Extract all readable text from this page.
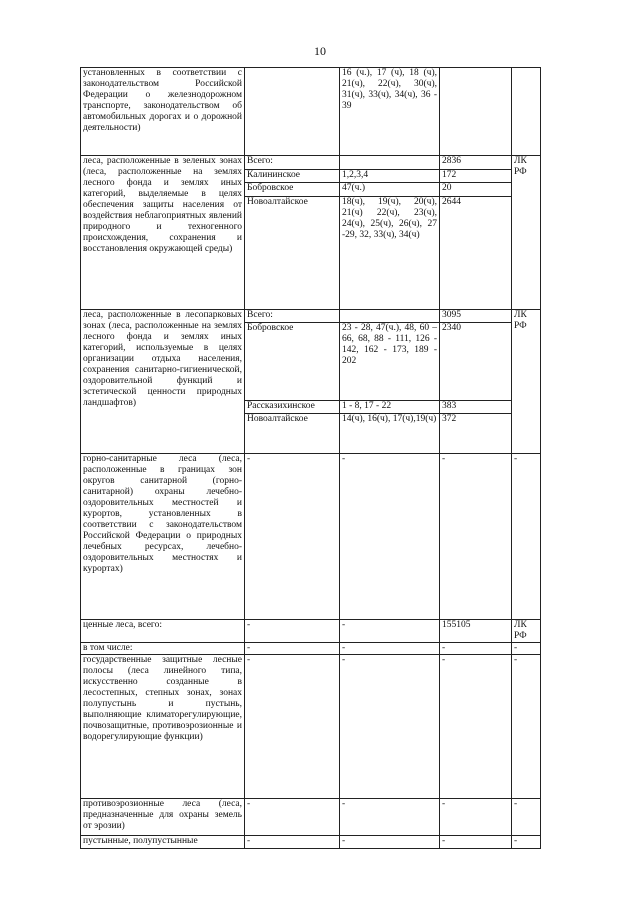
10
установленных в соответствии с законодательством Российской Федерации о железнодорожном транспорте, законодательством об автомобильных дорогах и о дорожной деятельности)		16 (ч.), 17 (ч), 18 (ч), 21(ч), 22(ч), 30(ч), 31(ч), 33(ч), 34(ч), 36 - 39		
леса, расположенные в зеленых зонах (леса, расположенные на землях лесного фонда и землях иных категорий, выделяемые в целях обеспечения защиты населения от воздействия неблагоприятных явлений природного и техногенного происхождения, сохранения и восстановления окружающей среды)	Всего:		2836	ЛК РФ
	Калининское	1,2,3,4	172	
	Бобровское	47(ч.)	20	
	Новоалтайское	18(ч), 19(ч), 20(ч), 21(ч) 22(ч), 23(ч), 24(ч), 25(ч), 26(ч), 27 -29, 32, 33(ч), 34(ч)	2644	
леса, расположенные в лесопарковых зонах (леса, расположенные на землях лесного фонда и землях иных категорий, используемые в целях организации отдыха населения, сохранения санитарно-гигиенической, оздоровительной функций и эстетической ценности природных ландшафтов)	Всего:		3095	ЛК РФ
	Бобровское	23 - 28, 47(ч.), 48, 60 – 66, 68, 88 - 111, 126 - 142, 162 - 173, 189 - 202	2340	
	Рассказихинское	1 - 8, 17 - 22	383	
	Новоалтайское	14(ч), 16(ч), 17(ч),19(ч)	372	
горно-санитарные леса (леса, расположенные в границах зон округов санитарной (горно-санитарной) охраны лечебно-оздоровительных местностей и курортов, установленных в соответствии с законодательством Российской Федерации о природных лечебных ресурсах, лечебно-оздоровительных местностях и курортах)	-	-	-	-
ценные леса, всего:	-	-	155105	ЛК РФ
в том числе:	-	-	-	-
государственные защитные лесные полосы (леса линейного типа, искусственно созданные в лесостепных, степных зонах, зонах полупустынь и пустынь, выполняющие климаторегулирующие, почвозащитные, противоэрозионные и водорегулирующие функции)	-	-	-	-
противоэрозионные леса (леса, предназначенные для охраны земель от эрозии)	-	-	-	-
пустынные, полупустынные	-	-	-	-
